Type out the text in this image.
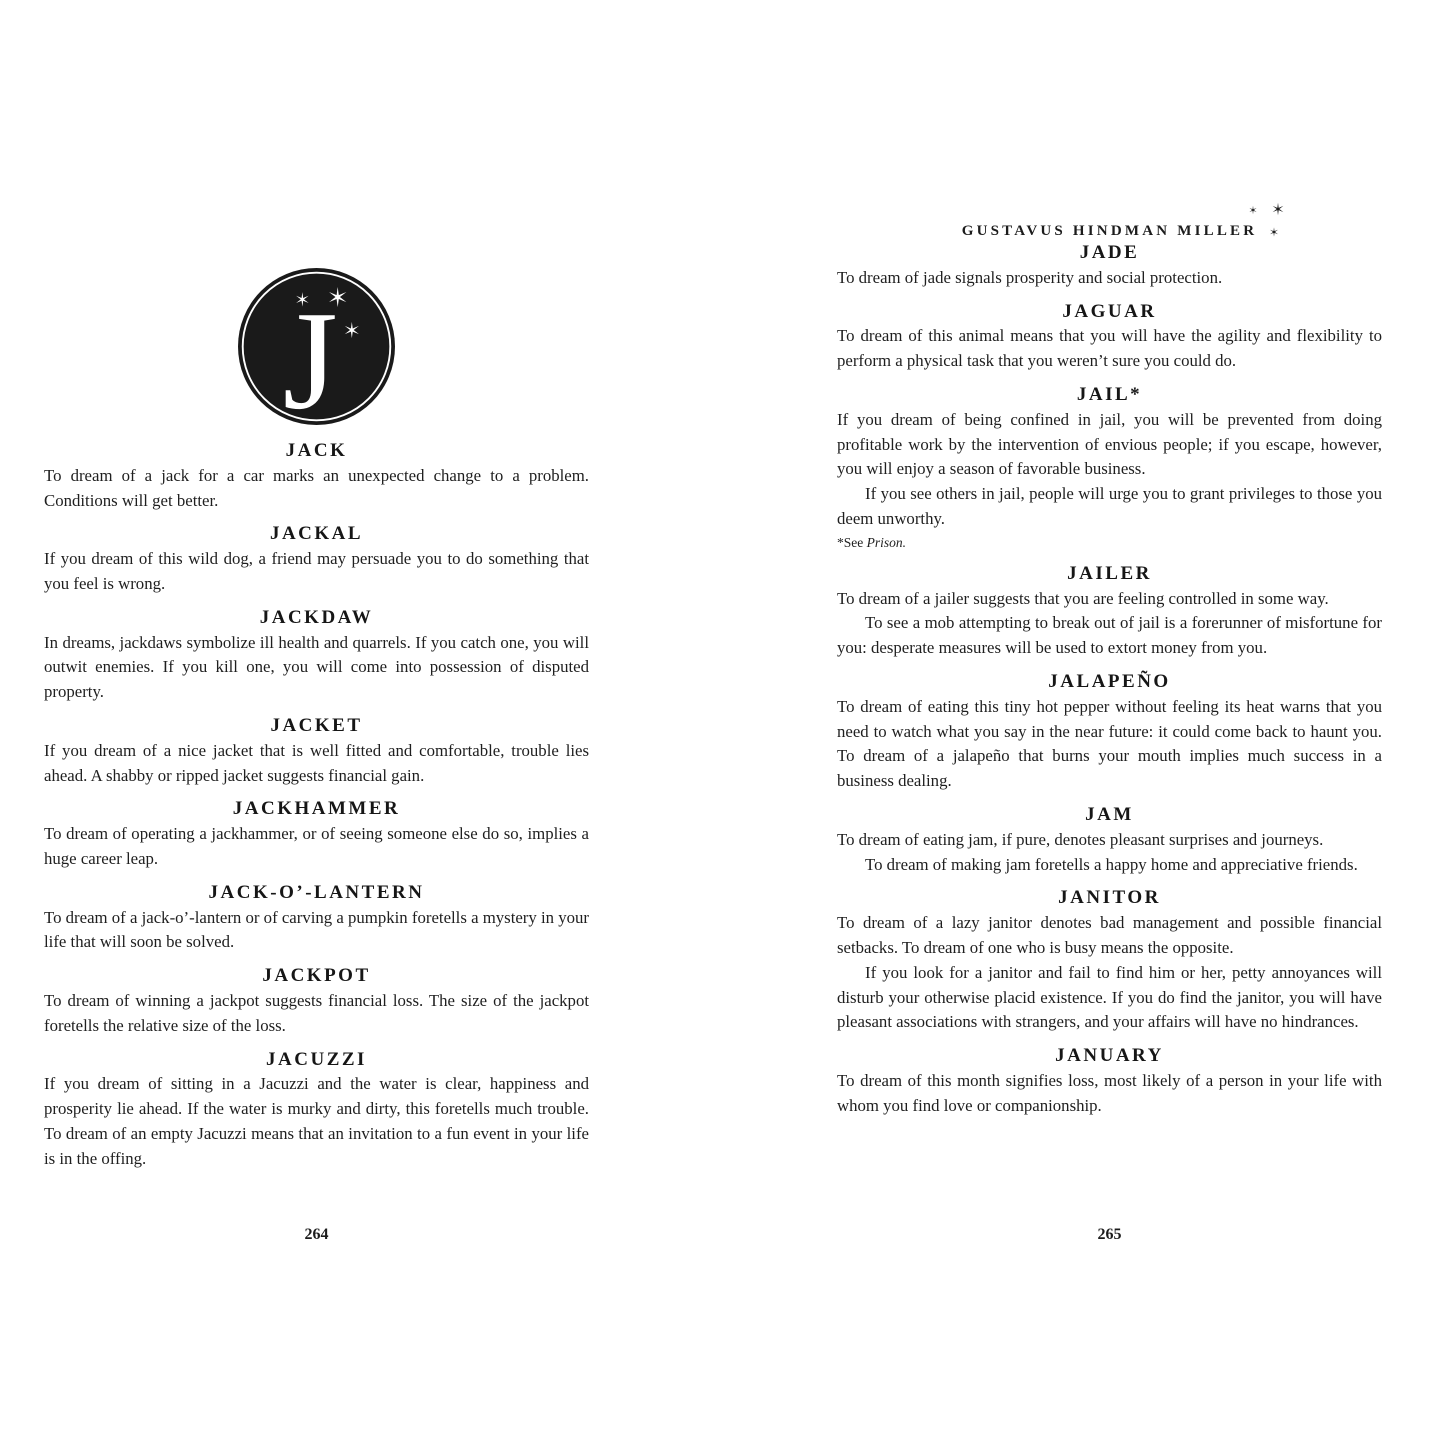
J
JACK

To dream of a jack for a car marks an unexpected change to a problem. Conditions will get better.

JACKAL

If you dream of this wild dog, a friend may persuade you to do something that you feel is wrong.

JACKDAW

In dreams, jackdaws symbolize ill health and quarrels. If you catch one, you will outwit enemies. If you kill one, you will come into possession of disputed property.

JACKET

If you dream of a nice jacket that is well fitted and comfortable, trouble lies ahead. A shabby or ripped jacket suggests financial gain.

JACKHAMMER

To dream of operating a jackhammer, or of seeing someone else do so, implies a huge career leap.

JACK-O’-LANTERN

To dream of a jack-o’-lantern or of carving a pumpkin foretells a mystery in your life that will soon be solved.

JACKPOT

To dream of winning a jackpot suggests financial loss. The size of the jackpot foretells the relative size of the loss.

JACUZZI

If you dream of sitting in a Jacuzzi and the water is clear, happiness and prosperity lie ahead. If the water is murky and dirty, this foretells much trouble. To dream of an empty Jacuzzi means that an invitation to a fun event in your life is in the offing.

GUSTAVUS HINDMAN MILLER
JADE

To dream of jade signals prosperity and social protection.

JAGUAR

To dream of this animal means that you will have the agility and flexibility to perform a physical task that you weren’t sure you could do.

JAIL*

If you dream of being confined in jail, you will be prevented from doing profitable work by the intervention of envious people; if you escape, however, you will enjoy a season of favorable business.

If you see others in jail, people will urge you to grant privileges to those you deem unworthy.

*See Prison.

JAILER

To dream of a jailer suggests that you are feeling controlled in some way.

To see a mob attempting to break out of jail is a forerunner of misfortune for you: desperate measures will be used to extort money from you.

JALAPEÑO

To dream of eating this tiny hot pepper without feeling its heat warns that you need to watch what you say in the near future: it could come back to haunt you. To dream of a jalapeño that burns your mouth implies much success in a business dealing.

JAM

To dream of eating jam, if pure, denotes pleasant surprises and journeys.

To dream of making jam foretells a happy home and appreciative friends.

JANITOR

To dream of a lazy janitor denotes bad management and possible financial setbacks. To dream of one who is busy means the opposite.

If you look for a janitor and fail to find him or her, petty annoyances will disturb your otherwise placid existence. If you do find the janitor, you will have pleasant associations with strangers, and your affairs will have no hindrances.

JANUARY

To dream of this month signifies loss, most likely of a person in your life with whom you find love or companionship.

264	265
